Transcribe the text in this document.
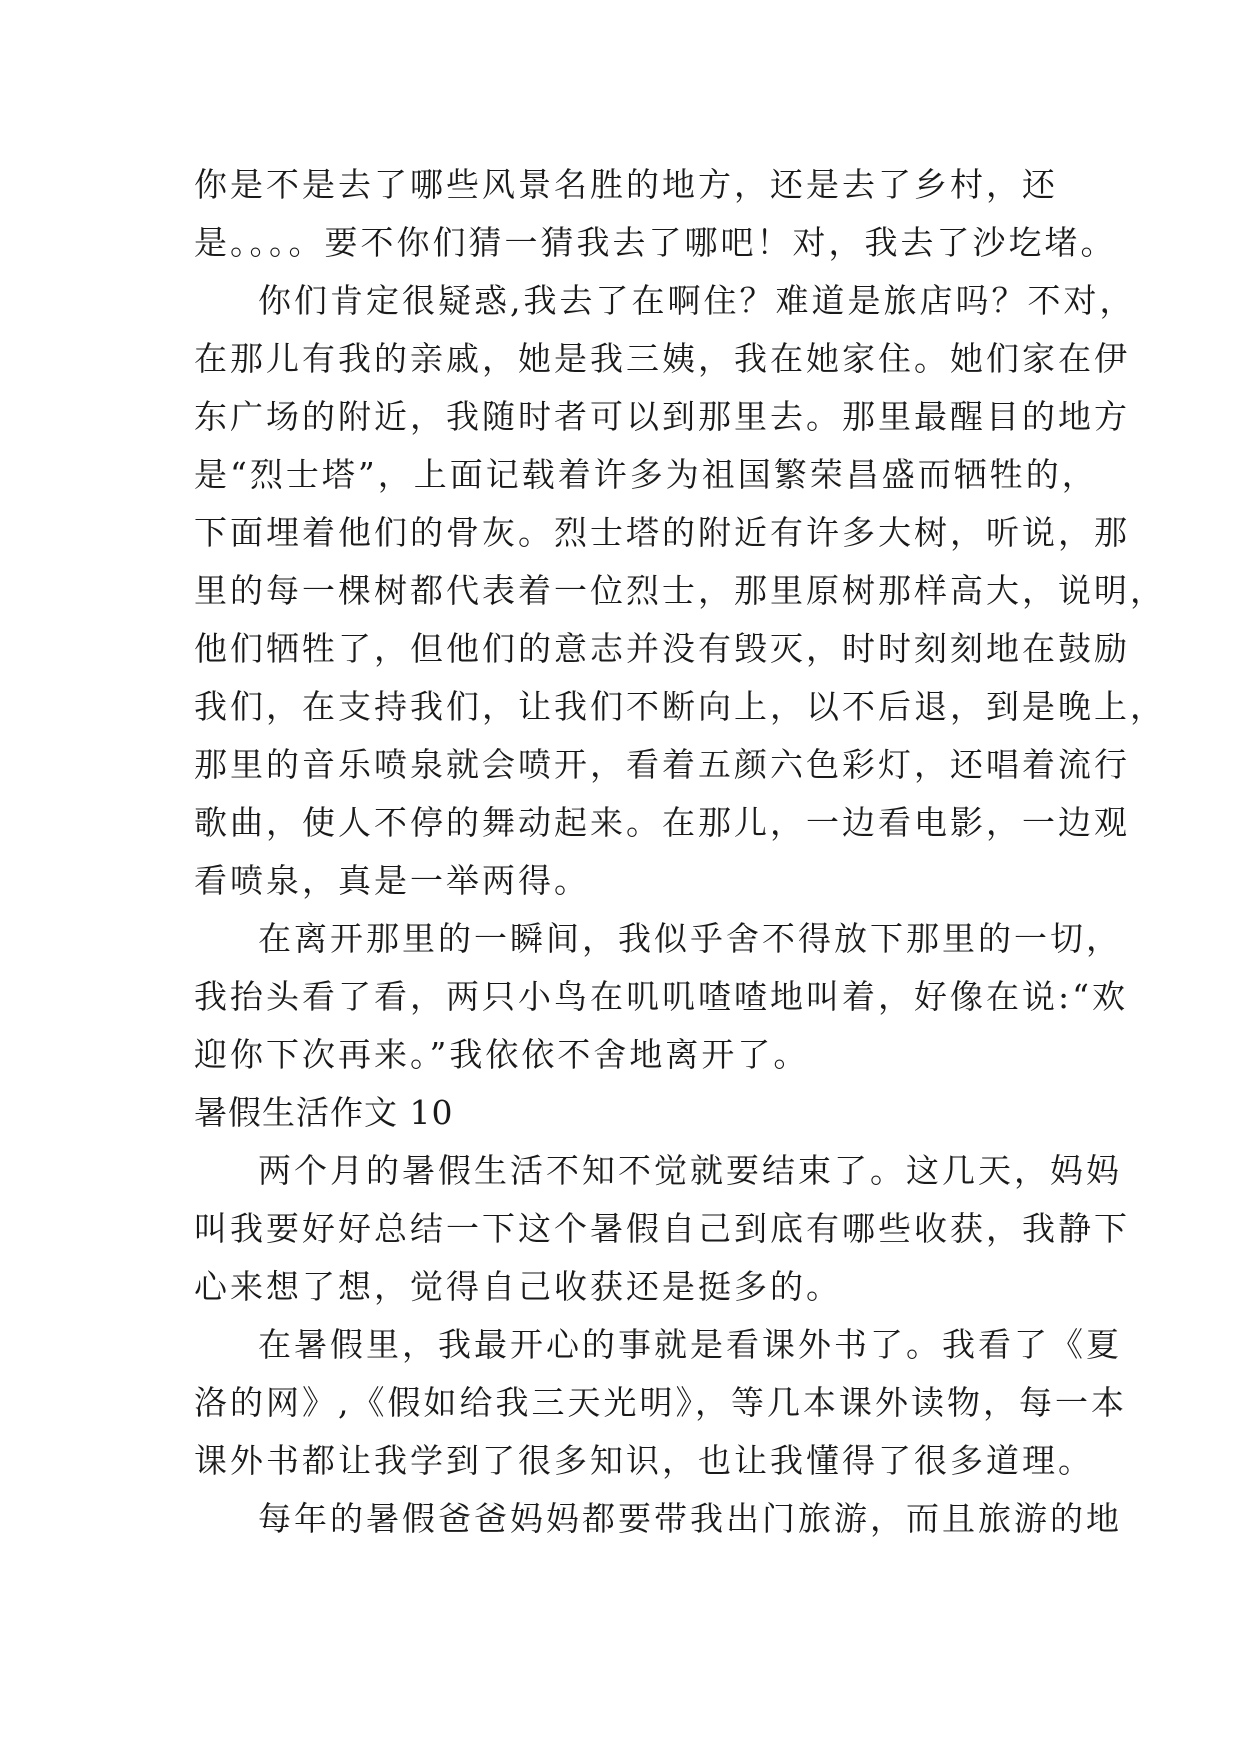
你是不是去了哪些风景名胜的地方，还是去了乡村，还
是。。。。要不你们猜一猜我去了哪吧！对，我去了沙圪堵。
你们肯定很疑惑,我去了在啊住？难道是旅店吗？不对，
在那儿有我的亲戚，她是我三姨，我在她家住。她们家在伊
东广场的附近，我随时者可以到那里去。那里最醒目的地方
是“烈士塔”，上面记载着许多为祖国繁荣昌盛而牺牲的，
下面埋着他们的骨灰。烈士塔的附近有许多大树，听说，那
里的每一棵树都代表着一位烈士，那里原树那样高大，说明，
他们牺牲了，但他们的意志并没有毁灭，时时刻刻地在鼓励
我们，在支持我们，让我们不断向上，以不后退，到是晚上，
那里的音乐喷泉就会喷开，看着五颜六色彩灯，还唱着流行
歌曲，使人不停的舞动起来。在那儿，一边看电影，一边观
看喷泉，真是一举两得。
在离开那里的一瞬间，我似乎舍不得放下那里的一切，
我抬头看了看，两只小鸟在叽叽喳喳地叫着，好像在说:“欢
迎你下次再来。”我依依不舍地离开了。
暑假生活作文 10
两个月的暑假生活不知不觉就要结束了。这几天，妈妈
叫我要好好总结一下这个暑假自己到底有哪些收获，我静下
心来想了想，觉得自己收获还是挺多的。
在暑假里，我最开心的事就是看课外书了。我看了《夏
洛的网》,《假如给我三天光明》，等几本课外读物，每一本
课外书都让我学到了很多知识，也让我懂得了很多道理。
每年的暑假爸爸妈妈都要带我出门旅游，而且旅游的地
